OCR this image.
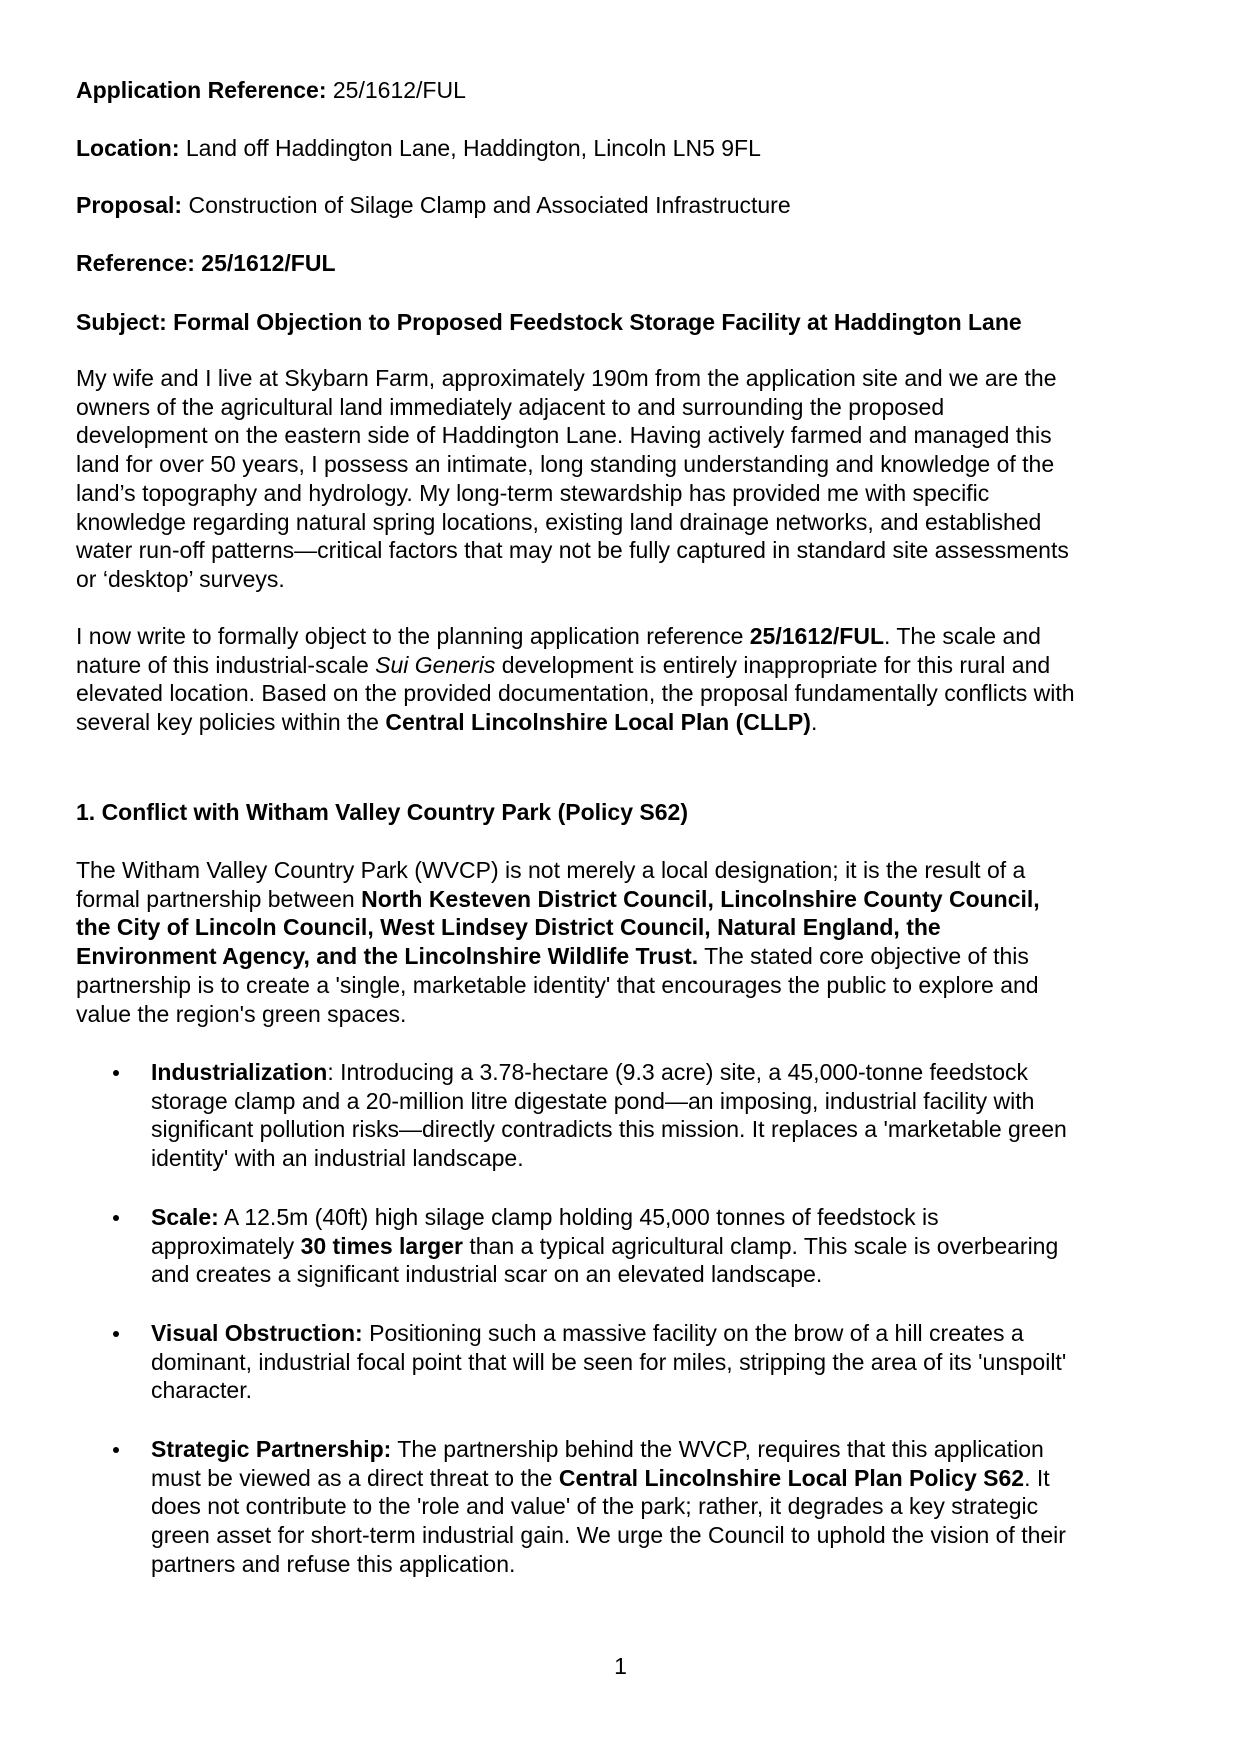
Application Reference: 25/1612/FUL
Location: Land off Haddington Lane, Haddington, Lincoln LN5 9FL
Proposal: Construction of Silage Clamp and Associated Infrastructure
Reference: 25/1612/FUL
Subject: Formal Objection to Proposed Feedstock Storage Facility at Haddington Lane
My wife and I live at Skybarn Farm, approximately 190m from the application site and we are the
owners of the agricultural land immediately adjacent to and surrounding the proposed
development on the eastern side of Haddington Lane. Having actively farmed and managed this
land for over 50 years, I possess an intimate, long standing understanding and knowledge of the
land’s topography and hydrology. My long-term stewardship has provided me with specific
knowledge regarding natural spring locations, existing land drainage networks, and established
water run-off patterns—critical factors that may not be fully captured in standard site assessments
or ‘desktop’ surveys.
I now write to formally object to the planning application reference 25/1612/FUL. The scale and
nature of this industrial-scale Sui Generis development is entirely inappropriate for this rural and
elevated location. Based on the provided documentation, the proposal fundamentally conflicts with
several key policies within the Central Lincolnshire Local Plan (CLLP).
1. Conflict with Witham Valley Country Park (Policy S62)
The Witham Valley Country Park (WVCP) is not merely a local designation; it is the result of a
formal partnership between North Kesteven District Council, Lincolnshire County Council,
the City of Lincoln Council, West Lindsey District Council, Natural England, the
Environment Agency, and the Lincolnshire Wildlife Trust. The stated core objective of this
partnership is to create a 'single, marketable identity' that encourages the public to explore and
value the region's green spaces.
Industrialization: Introducing a 3.78-hectare (9.3 acre) site, a 45,000-tonne feedstock
storage clamp and a 20-million litre digestate pond—an imposing, industrial facility with
significant pollution risks—directly contradicts this mission. It replaces a 'marketable green
identity' with an industrial landscape.
Scale: A 12.5m (40ft) high silage clamp holding 45,000 tonnes of feedstock is
approximately 30 times larger than a typical agricultural clamp. This scale is overbearing
and creates a significant industrial scar on an elevated landscape.
Visual Obstruction: Positioning such a massive facility on the brow of a hill creates a
dominant, industrial focal point that will be seen for miles, stripping the area of its 'unspoilt'
character.
Strategic Partnership: The partnership behind the WVCP, requires that this application
must be viewed as a direct threat to the Central Lincolnshire Local Plan Policy S62. It
does not contribute to the 'role and value' of the park; rather, it degrades a key strategic
green asset for short-term industrial gain. We urge the Council to uphold the vision of their
partners and refuse this application.
1
